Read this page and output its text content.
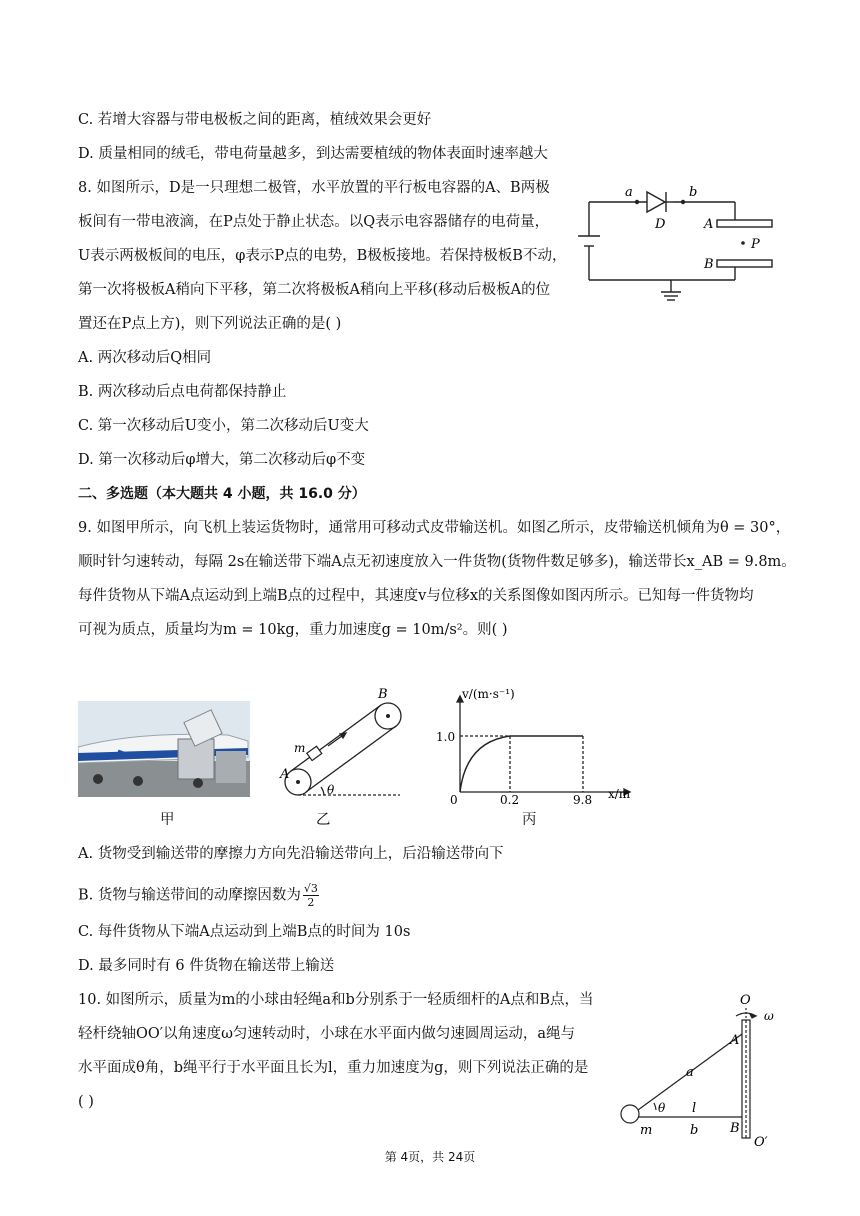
C. 若增大容器与带电极板之间的距离，植绒效果会更好
D. 质量相同的绒毛，带电荷量越多，到达需要植绒的物体表面时速率越大
8. 如图所示，D是一只理想二极管，水平放置的平行板电容器的A、B两极
板间有一带电液滴，在P点处于静止状态。以Q表示电容器储存的电荷量，
U表示两极板间的电压，φ表示P点的电势，B极板接地。若保持极板B不动，
第一次将极板A稍向下平移，第二次将极板A稍向上平移(移动后极板A的位
置还在P点上方)，则下列说法正确的是( )
A. 两次移动后Q相同
B. 两次移动后点电荷都保持静止
C. 第一次移动后U变小，第二次移动后U变大
D. 第一次移动后φ增大，第二次移动后φ不变
a	b
D	A
B
P
二、多选题（本大题共 4 小题，共 16.0 分）
9. 如图甲所示，向飞机上装运货物时，通常用可移动式皮带输送机。如图乙所示，皮带输送机倾角为θ = 30°，
顺时针匀速转动，每隔 2s在输送带下端A点无初速度放入一件货物(货物件数足够多)，输送带长x_AB = 9.8m。
每件货物从下端A点运动到上端B点的过程中，其速度v与位移x的关系图像如图丙所示。已知每一件货物均
可视为质点，质量均为m = 10kg，重力加速度g = 10m/s²。则( )
B
A
m
θ
v/(m·s⁻¹)
x/m
1.0
0	0.2	9.8
甲	乙	丙
A. 货物受到输送带的摩擦力方向先沿输送带向上，后沿输送带向下
B. 货物与输送带间的动摩擦因数为 $\frac{√3}{2}$
C. 每件货物从下端A点运动到上端B点的时间为 10s
D. 最多同时有 6 件货物在输送带上输送
10. 如图所示，质量为m的小球由轻绳a和b分别系于一轻质细杆的A点和B点，当
轻杆绕轴OO′以角速度ω匀速转动时，小球在水平面内做匀速圆周运动，a绳与
水平面成θ角，b绳平行于水平面且长为l，重力加速度为g，则下列说法正确的是
( )
O
ω
A
a
θ l
m	b B
O′
第 4页，共 24页
